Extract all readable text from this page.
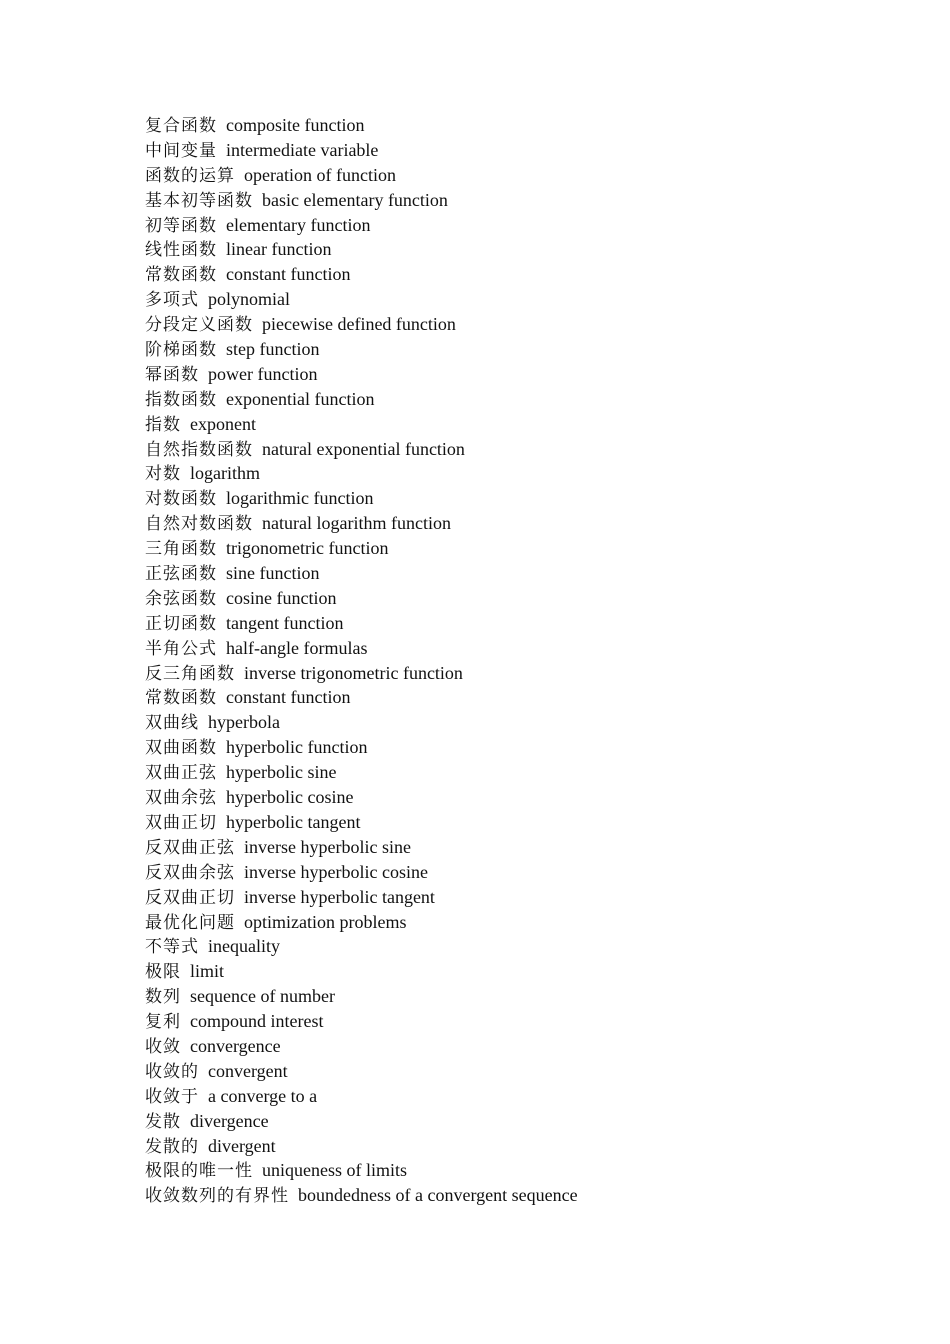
复合函数 composite function
中间变量 intermediate variable
函数的运算 operation of function
基本初等函数 basic elementary function
初等函数 elementary function
线性函数 linear function
常数函数 constant function
多项式 polynomial
分段定义函数 piecewise defined function
阶梯函数 step function
幂函数 power function
指数函数 exponential function
指数 exponent
自然指数函数 natural exponential function
对数 logarithm
对数函数 logarithmic function
自然对数函数 natural logarithm function
三角函数 trigonometric function
正弦函数 sine function
余弦函数 cosine function
正切函数 tangent function
半角公式 half-angle formulas
反三角函数 inverse trigonometric function
常数函数 constant function
双曲线 hyperbola
双曲函数 hyperbolic function
双曲正弦 hyperbolic sine
双曲余弦 hyperbolic cosine
双曲正切 hyperbolic tangent
反双曲正弦 inverse hyperbolic sine
反双曲余弦 inverse hyperbolic cosine
反双曲正切 inverse hyperbolic tangent
最优化问题 optimization problems
不等式 inequality
极限 limit
数列 sequence of number
复利 compound interest
收敛 convergence
收敛的 convergent
收敛于 a converge to a
发散 divergence
发散的 divergent
极限的唯一性 uniqueness of limits
收敛数列的有界性 boundedness of a convergent sequence
